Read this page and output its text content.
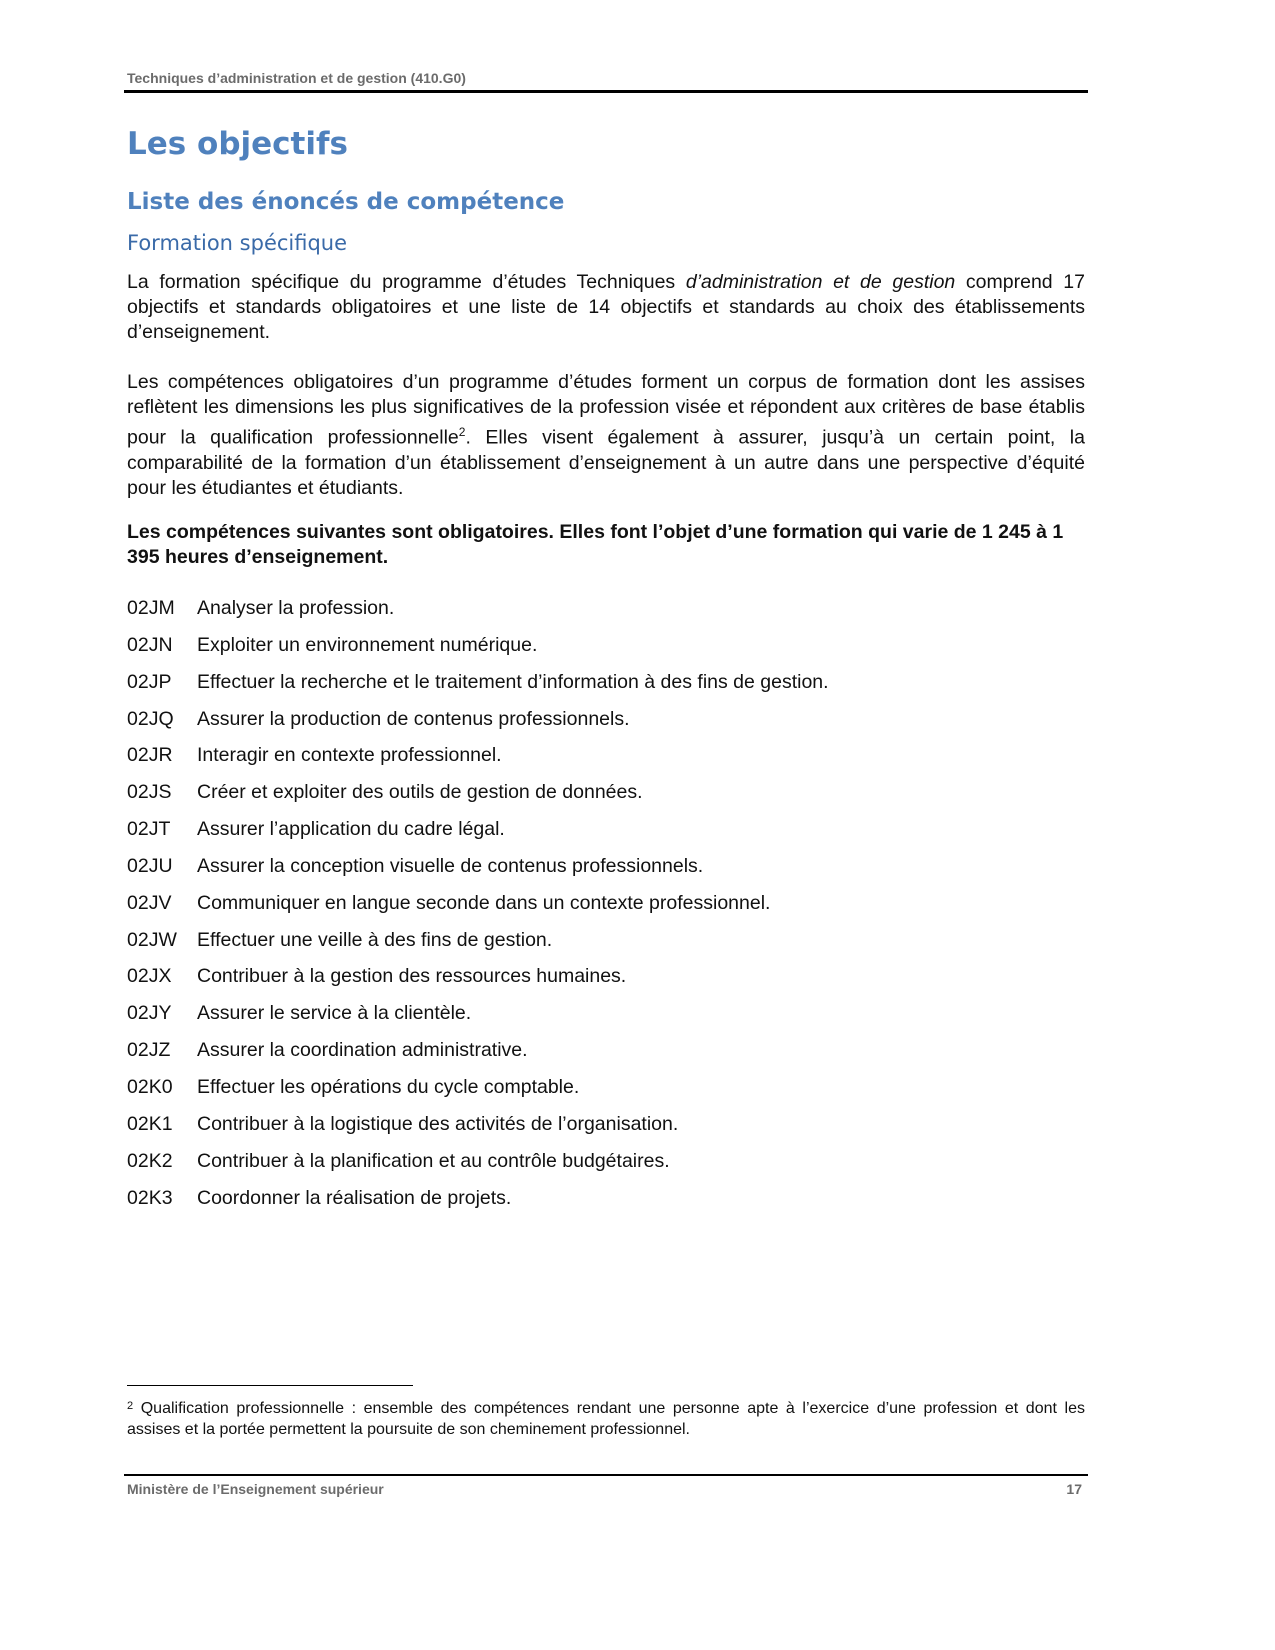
Techniques d’administration et de gestion (410.G0)
Les objectifs
Liste des énoncés de compétence
Formation spécifique

La formation spécifique du programme d’études Techniques d’administration et de gestion comprend 17 objectifs et standards obligatoires et une liste de 14 objectifs et standards au choix des établissements d’enseignement.

Les compétences obligatoires d’un programme d’études forment un corpus de formation dont les assises reflètent les dimensions les plus significatives de la profession visée et répondent aux critères de base établis pour la qualification professionnelle$^2$. Elles visent également à assurer, jusqu’à un certain point, la comparabilité de la formation d’un établissement d’enseignement à un autre dans une perspective d’équité pour les étudiantes et étudiants.

Les compétences suivantes sont obligatoires. Elles font l’objet d’une formation qui varie de 1 245 à 1 395 heures d’enseignement.

02JM	Analyser la profession.
02JN	Exploiter un environnement numérique.
02JP	Effectuer la recherche et le traitement d’information à des fins de gestion.
02JQ	Assurer la production de contenus professionnels.
02JR	Interagir en contexte professionnel.
02JS	Créer et exploiter des outils de gestion de données.
02JT	Assurer l’application du cadre légal.
02JU	Assurer la conception visuelle de contenus professionnels.
02JV	Communiquer en langue seconde dans un contexte professionnel.
02JW	Effectuer une veille à des fins de gestion.
02JX	Contribuer à la gestion des ressources humaines.
02JY	Assurer le service à la clientèle.
02JZ	Assurer la coordination administrative.
02K0	Effectuer les opérations du cycle comptable.
02K1	Contribuer à la logistique des activités de l’organisation.
02K2	Contribuer à la planification et au contrôle budgétaires.
02K3	Coordonner la réalisation de projets.
$^2$ Qualification professionnelle : ensemble des compétences rendant une personne apte à l’exercice d’une profession et dont les assises et la portée permettent la poursuite de son cheminement professionnel.
Ministère de l’Enseignement supérieur	17
